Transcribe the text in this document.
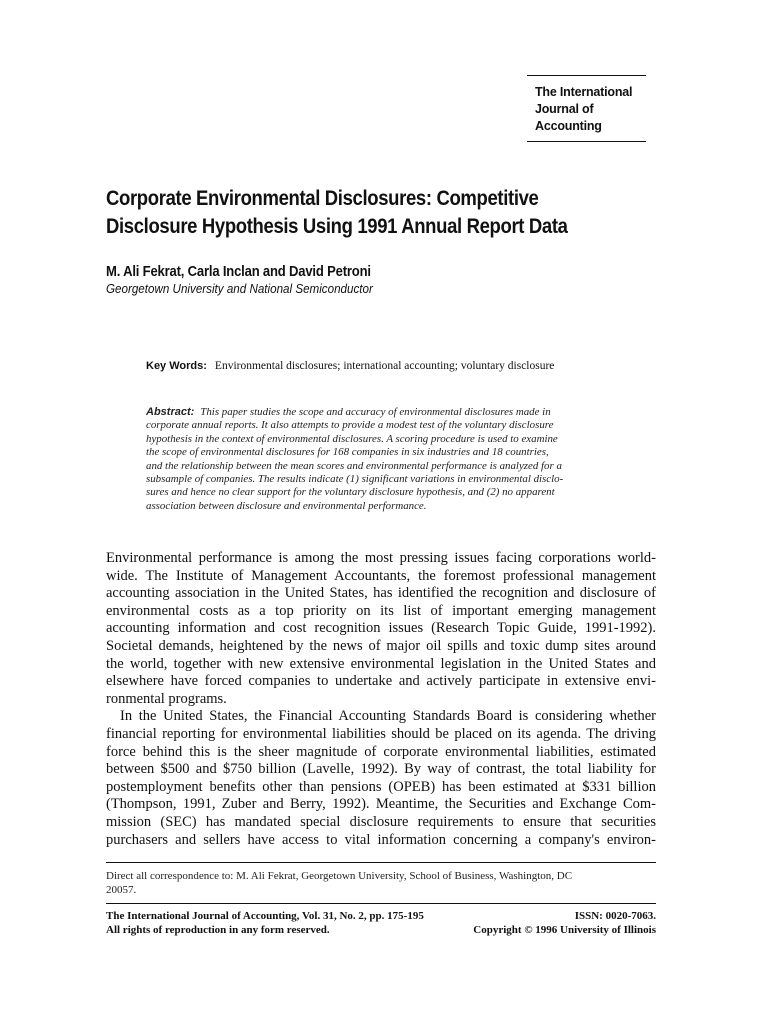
The International
Journal of
Accounting
Corporate Environmental Disclosures: Competitive
Disclosure Hypothesis Using 1991 Annual Report Data
M. Ali Fekrat, Carla Inclan and David Petroni
Georgetown University and National Semiconductor
Key Words: Environmental disclosures; international accounting; voluntary disclosure
Abstract: This paper studies the scope and accuracy of environmental disclosures made in
corporate annual reports. It also attempts to provide a modest test of the voluntary disclosure
hypothesis in the context of environmental disclosures. A scoring procedure is used to examine
the scope of environmental disclosures for 168 companies in six industries and 18 countries,
and the relationship between the mean scores and environmental performance is analyzed for a
subsample of companies. The results indicate (1) significant variations in environmental disclo-
sures and hence no clear support for the voluntary disclosure hypothesis, and (2) no apparent
association between disclosure and environmental performance.
Environmental performance is among the most pressing issues facing corporations world-
wide. The Institute of Management Accountants, the foremost professional management
accounting association in the United States, has identified the recognition and disclosure of
environmental costs as a top priority on its list of important emerging management
accounting information and cost recognition issues (Research Topic Guide, 1991-1992).
Societal demands, heightened by the news of major oil spills and toxic dump sites around
the world, together with new extensive environmental legislation in the United States and
elsewhere have forced companies to undertake and actively participate in extensive envi-
ronmental programs.
In the United States, the Financial Accounting Standards Board is considering whether
financial reporting for environmental liabilities should be placed on its agenda. The driving
force behind this is the sheer magnitude of corporate environmental liabilities, estimated
between $500 and $750 billion (Lavelle, 1992). By way of contrast, the total liability for
postemployment benefits other than pensions (OPEB) has been estimated at $331 billion
(Thompson, 1991, Zuber and Berry, 1992). Meantime, the Securities and Exchange Com-
mission (SEC) has mandated special disclosure requirements to ensure that securities
purchasers and sellers have access to vital information concerning a company's environ-
Direct all correspondence to: M. Ali Fekrat, Georgetown University, School of Business, Washington, DC
20057.
The International Journal of Accounting, Vol. 31, No. 2, pp. 175-195	ISSN: 0020-7063.
All rights of reproduction in any form reserved.	Copyright © 1996 University of Illinois
